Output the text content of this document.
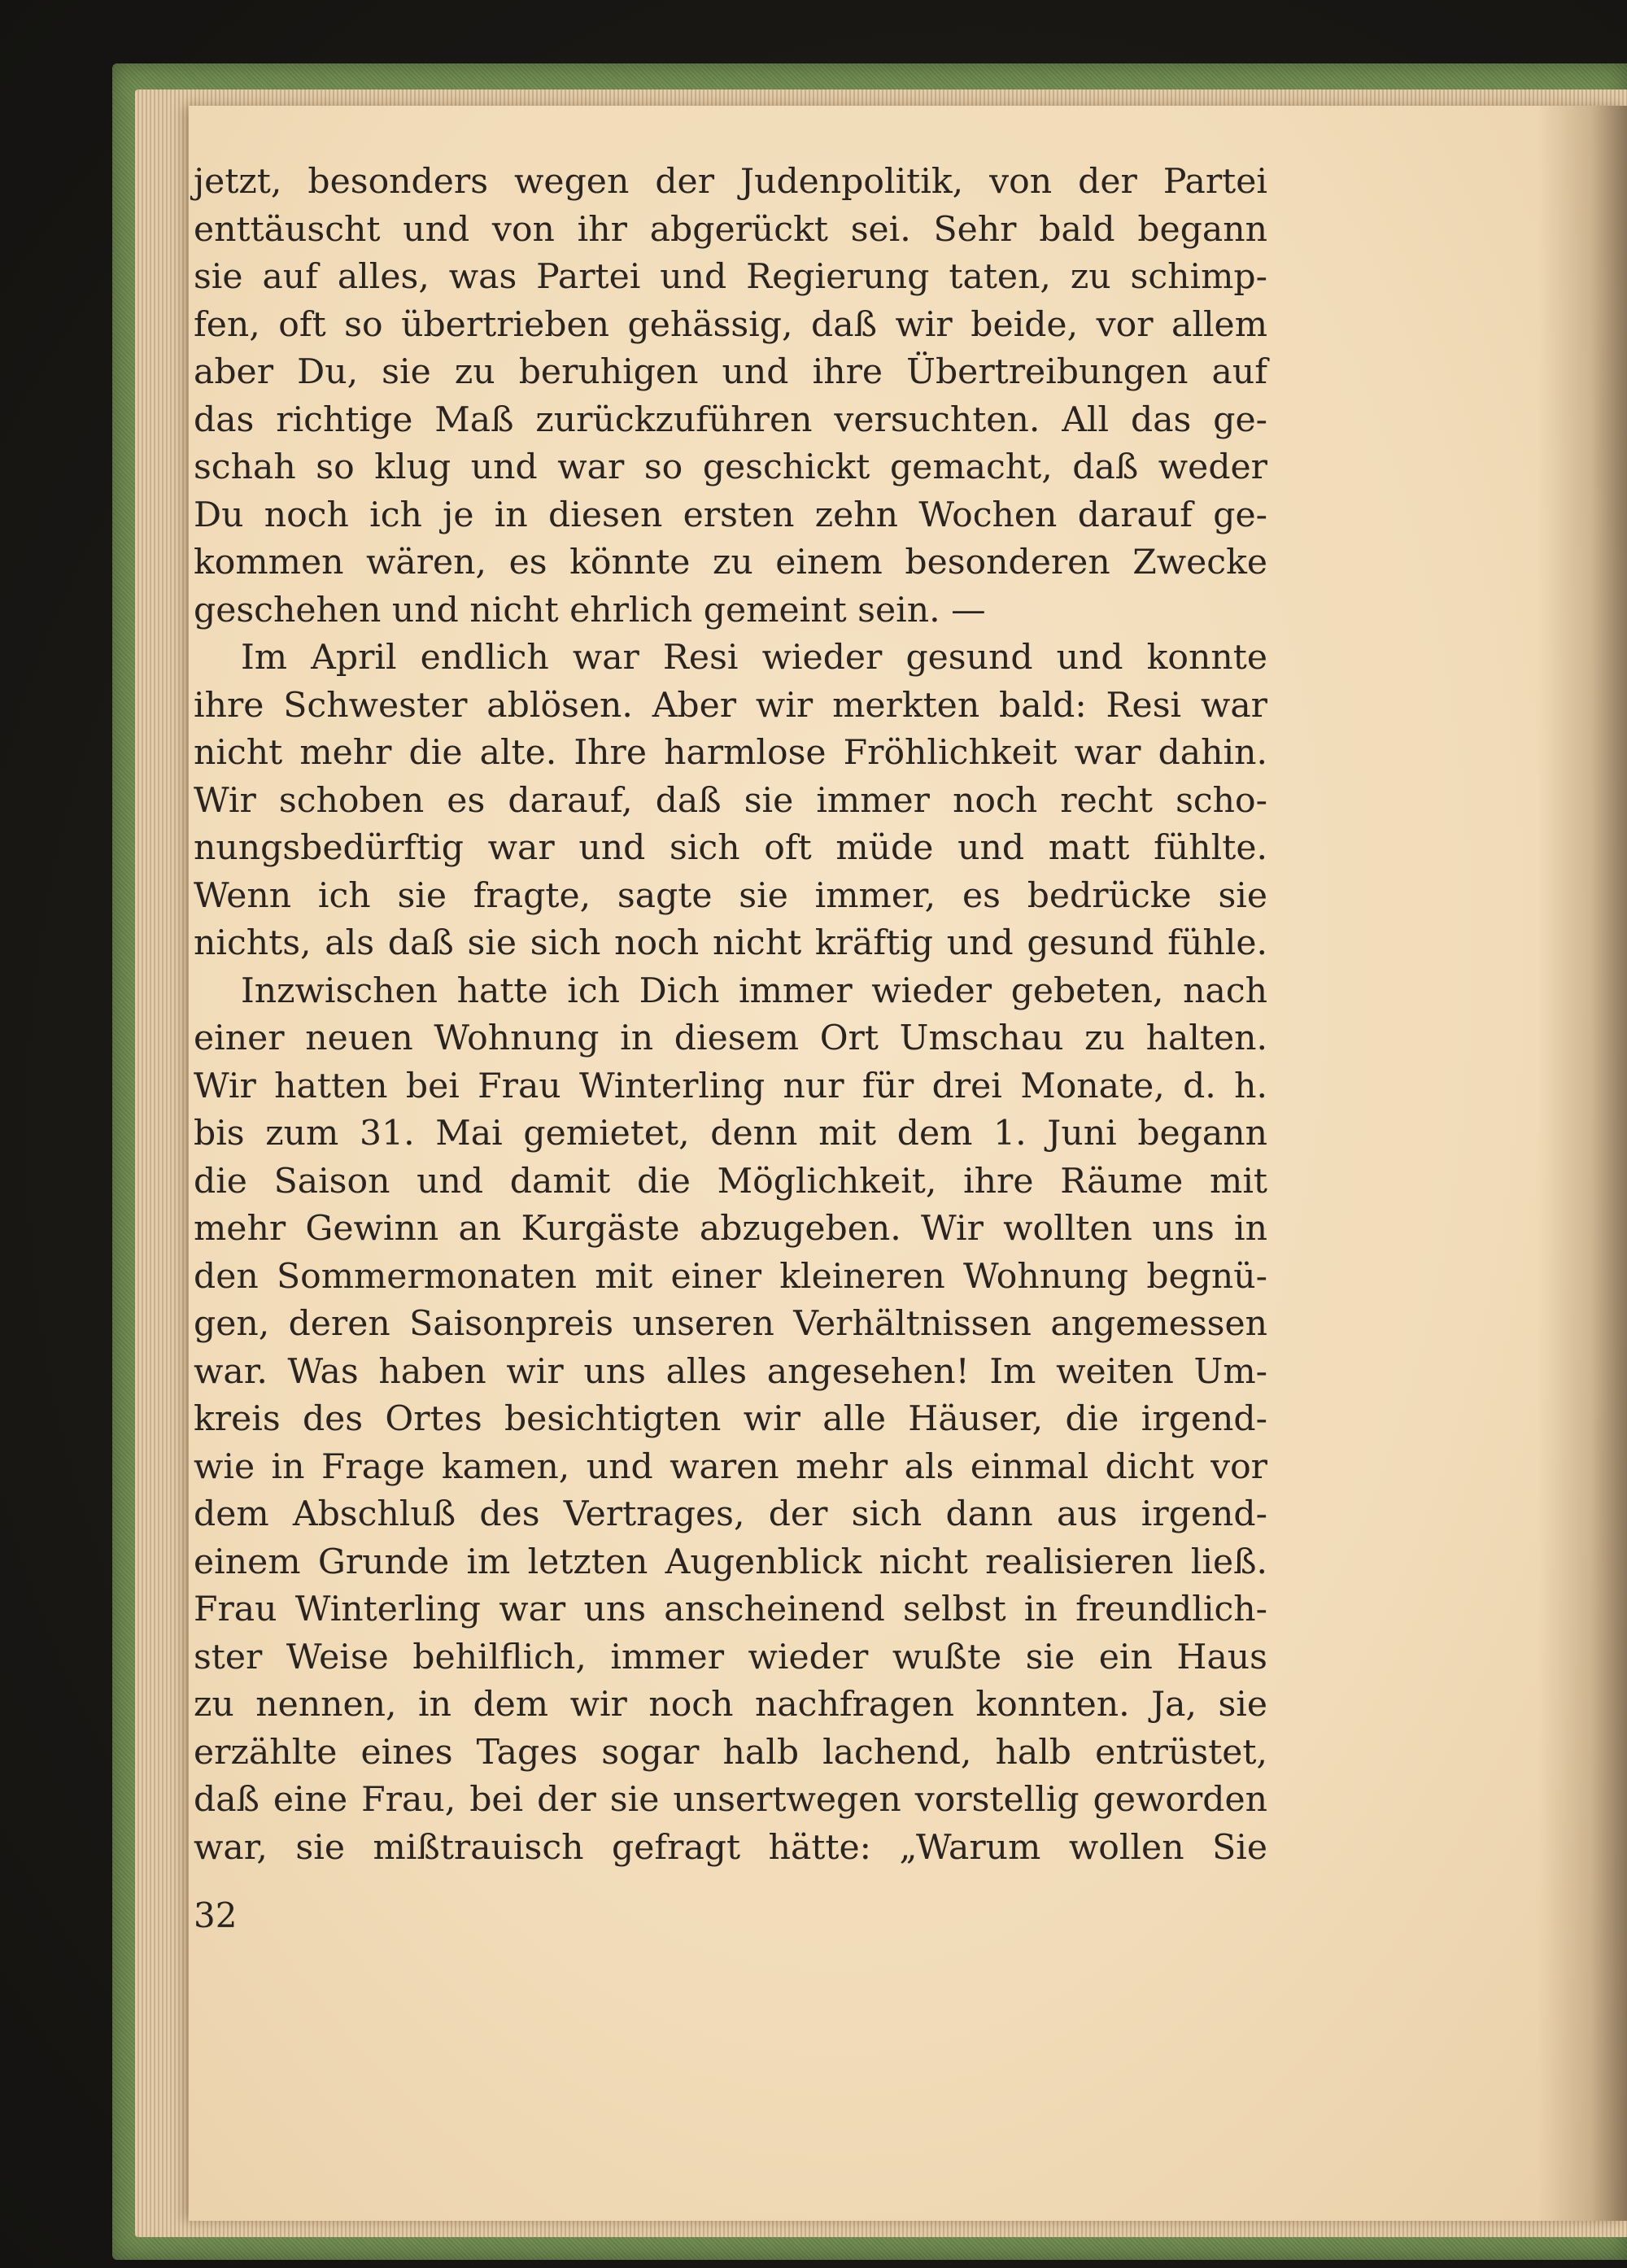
jetzt, besonders wegen der Judenpolitik, von der Partei
enttäuscht und von ihr abgerückt sei. Sehr bald begann
sie auf alles, was Partei und Regierung taten, zu schimp-
fen, oft so übertrieben gehässig, daß wir beide, vor allem
aber Du, sie zu beruhigen und ihre Übertreibungen auf
das richtige Maß zurückzuführen versuchten. All das ge-
schah so klug und war so geschickt gemacht, daß weder
Du noch ich je in diesen ersten zehn Wochen darauf ge-
kommen wären, es könnte zu einem besonderen Zwecke
geschehen und nicht ehrlich gemeint sein. —
Im April endlich war Resi wieder gesund und konnte
ihre Schwester ablösen. Aber wir merkten bald: Resi war
nicht mehr die alte. Ihre harmlose Fröhlichkeit war dahin.
Wir schoben es darauf, daß sie immer noch recht scho-
nungsbedürftig war und sich oft müde und matt fühlte.
Wenn ich sie fragte, sagte sie immer, es bedrücke sie
nichts, als daß sie sich noch nicht kräftig und gesund fühle.
Inzwischen hatte ich Dich immer wieder gebeten, nach
einer neuen Wohnung in diesem Ort Umschau zu halten.
Wir hatten bei Frau Winterling nur für drei Monate, d. h.
bis zum 31. Mai gemietet, denn mit dem 1. Juni begann
die Saison und damit die Möglichkeit, ihre Räume mit
mehr Gewinn an Kurgäste abzugeben. Wir wollten uns in
den Sommermonaten mit einer kleineren Wohnung begnü-
gen, deren Saisonpreis unseren Verhältnissen angemessen
war. Was haben wir uns alles angesehen! Im weiten Um-
kreis des Ortes besichtigten wir alle Häuser, die irgend-
wie in Frage kamen, und waren mehr als einmal dicht vor
dem Abschluß des Vertrages, der sich dann aus irgend-
einem Grunde im letzten Augenblick nicht realisieren ließ.
Frau Winterling war uns anscheinend selbst in freundlich-
ster Weise behilflich, immer wieder wußte sie ein Haus
zu nennen, in dem wir noch nachfragen konnten. Ja, sie
erzählte eines Tages sogar halb lachend, halb entrüstet,
daß eine Frau, bei der sie unsertwegen vorstellig geworden
war, sie mißtrauisch gefragt hätte: „Warum wollen Sie
32
